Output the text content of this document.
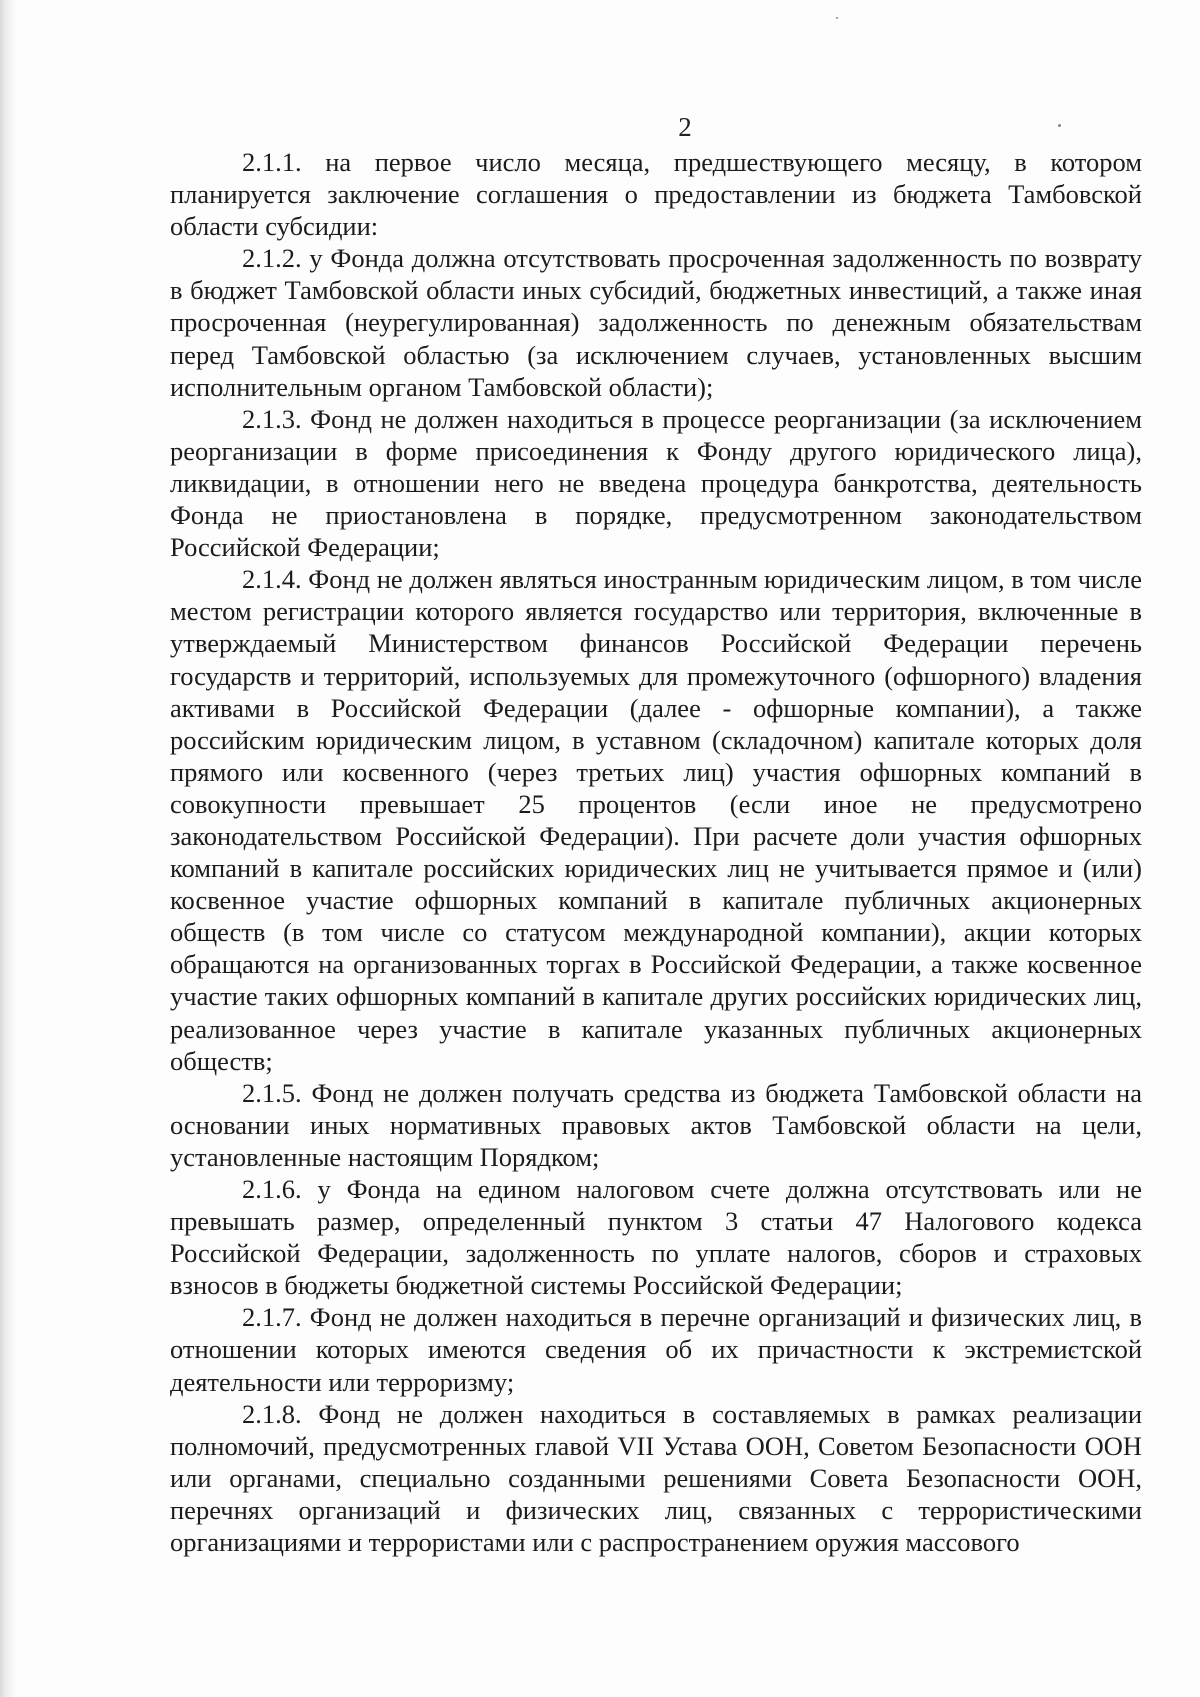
2

2.1.1. на первое число месяца, предшествующего месяцу, в котором планируется заключение соглашения о предоставлении из бюджета Тамбовской области субсидии:

2.1.2. у Фонда должна отсутствовать просроченная задолженность по возврату в бюджет Тамбовской области иных субсидий, бюджетных инвестиций, а также иная просроченная (неурегулированная) задолженность по денежным обязательствам перед Тамбовской областью (за исключением случаев, установленных высшим исполнительным органом Тамбовской области);

2.1.3. Фонд не должен находиться в процессе реорганизации (за исключением реорганизации в форме присоединения к Фонду другого юридического лица), ликвидации, в отношении него не введена процедура банкротства, деятельность Фонда не приостановлена в порядке, предусмотренном законодательством Российской Федерации;

2.1.4. Фонд не должен являться иностранным юридическим лицом, в том числе местом регистрации которого является государство или территория, включенные в утверждаемый Министерством финансов Российской Федерации перечень государств и территорий, используемых для промежуточного (офшорного) владения активами в Российской Федерации (далее - офшорные компании), а также российским юридическим лицом, в уставном (складочном) капитале которых доля прямого или косвенного (через третьих лиц) участия офшорных компаний в совокупности превышает 25 процентов (если иное не предусмотрено законодательством Российской Федерации). При расчете доли участия офшорных компаний в капитале российских юридических лиц не учитывается прямое и (или) косвенное участие офшорных компаний в капитале публичных акционерных обществ (в том числе со статусом международной компании), акции которых обращаются на организованных торгах в Российской Федерации, а также косвенное участие таких офшорных компаний в капитале других российских юридических лиц, реализованное через участие в капитале указанных публичных акционерных обществ;

2.1.5. Фонд не должен получать средства из бюджета Тамбовской области на основании иных нормативных правовых актов Тамбовской области на цели, установленные настоящим Порядком;

2.1.6. у Фонда на едином налоговом счете должна отсутствовать или не превышать размер, определенный пунктом 3 статьи 47 Налогового кодекса Российской Федерации, задолженность по уплате налогов, сборов и страховых взносов в бюджеты бюджетной системы Российской Федерации;

2.1.7. Фонд не должен находиться в перечне организаций и физических лиц, в отношении которых имеются сведения об их причастности к экстремистской деятельности или терроризму;

2.1.8. Фонд не должен находиться в составляемых в рамках реализации полномочий, предусмотренных главой VII Устава ООН, Советом Безопасности ООН или органами, специально созданными решениями Совета Безопасности ООН, перечнях организаций и физических лиц, связанных с террористическими организациями и террористами или с распространением оружия массового
